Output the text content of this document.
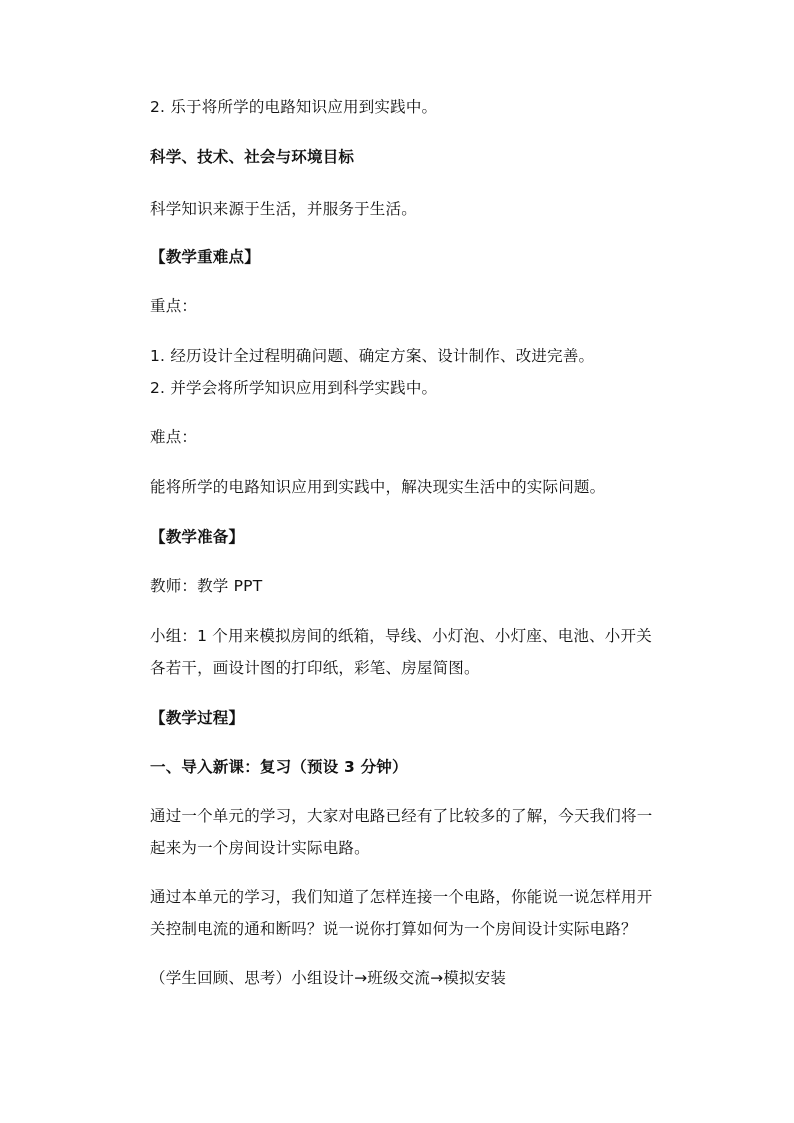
2. 乐于将所学的电路知识应用到实践中。
科学、技术、社会与环境目标
科学知识来源于生活，并服务于生活。
【教学重难点】
重点：
1. 经历设计全过程明确问题、确定方案、设计制作、改进完善。
2. 并学会将所学知识应用到科学实践中。
难点：
能将所学的电路知识应用到实践中，解决现实生活中的实际问题。
【教学准备】
教师：教学 PPT
小组：1 个用来模拟房间的纸箱，导线、小灯泡、小灯座、电池、小开关
各若干，画设计图的打印纸，彩笔、房屋简图。
【教学过程】
一、导入新课：复习（预设 3 分钟）
通过一个单元的学习，大家对电路已经有了比较多的了解，今天我们将一
起来为一个房间设计实际电路。
通过本单元的学习，我们知道了怎样连接一个电路，你能说一说怎样用开
关控制电流的通和断吗？说一说你打算如何为一个房间设计实际电路？
（学生回顾、思考）小组设计→班级交流→模拟安装
